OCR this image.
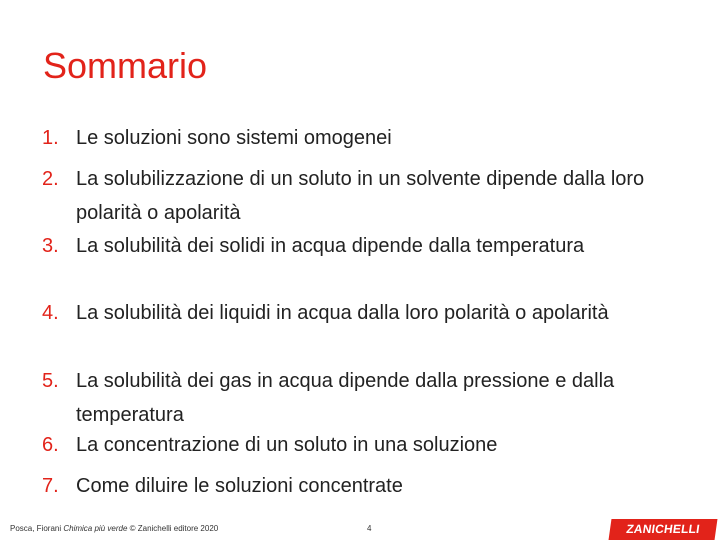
Sommario
1. Le soluzioni sono sistemi omogenei
2. La solubilizzazione di un soluto in un solvente dipende dalla loro polarità o apolarità
3. La solubilità dei solidi in acqua dipende dalla temperatura
4. La solubilità dei liquidi in acqua dalla loro polarità o apolarità
5. La solubilità dei gas in acqua dipende dalla pressione e dalla temperatura
6. La concentrazione di un soluto in una soluzione
7. Come diluire le soluzioni concentrate
Posca, Fiorani Chimica più verde © Zanichelli editore 2020	4	ZANICHELLI
